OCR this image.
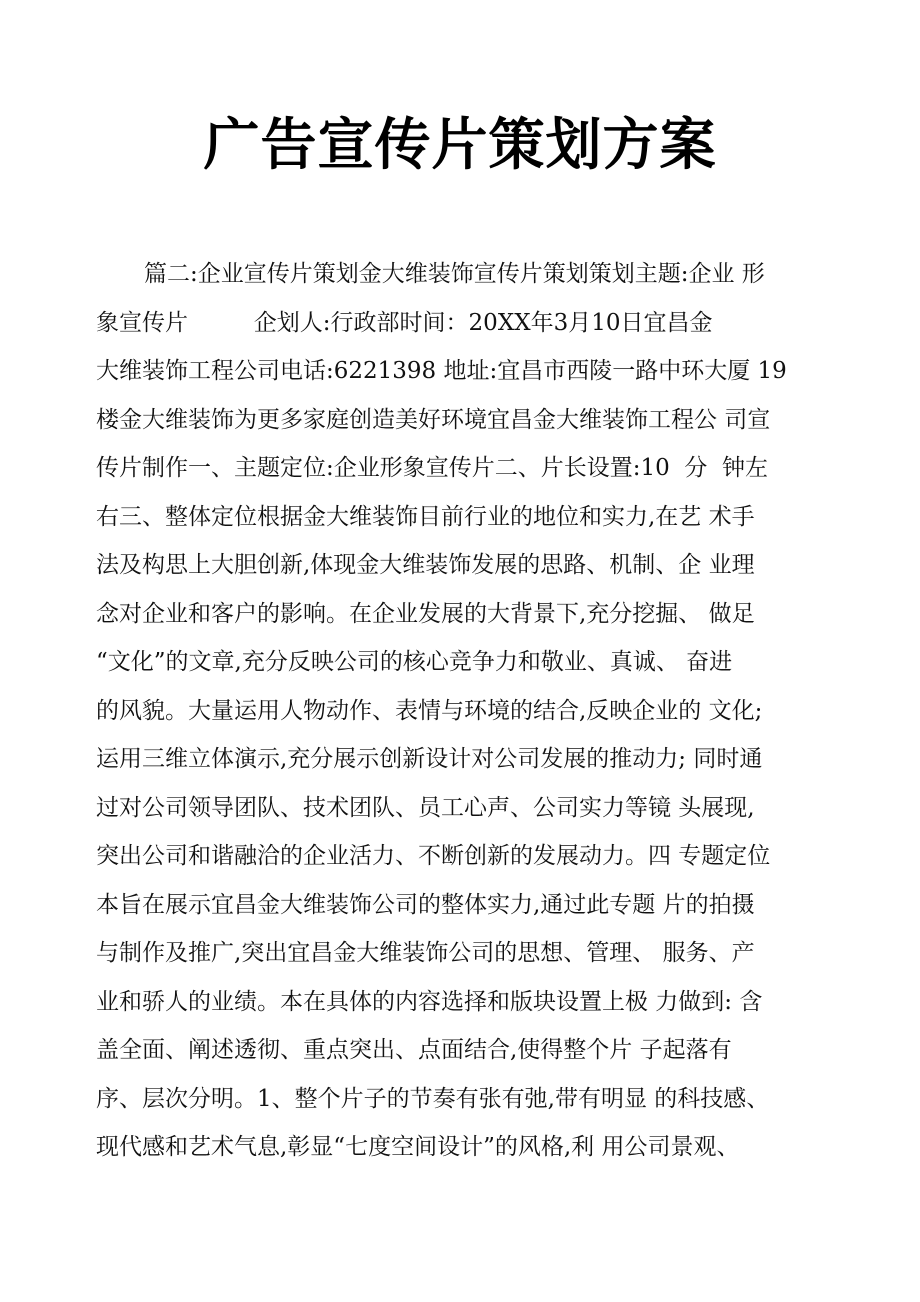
广告宣传片策划方案
篇二:企业宣传片策划金大维装饰宣传片策划策划主题:企业 形
象宣传片         企划人:行政部时间：20XX年3月10日宜昌金
大维装饰工程公司电话:6221398 地址:宜昌市西陵一路中环大厦 19
楼金大维装饰为更多家庭创造美好环境宜昌金大维装饰工程公 司宣
传片制作一、主题定位:企业形象宣传片二、片长设置:10  分  钟左
右三、整体定位根据金大维装饰目前行业的地位和实力,在艺 术手
法及构思上大胆创新,体现金大维装饰发展的思路、机制、企 业理
念对企业和客户的影响。在企业发展的大背景下,充分挖掘、 做足
“文化”的文章,充分反映公司的核心竞争力和敬业、真诚、 奋进
的风貌。大量运用人物动作、表情与环境的结合,反映企业的 文化;
运用三维立体演示,充分展示创新设计对公司发展的推动力; 同时通
过对公司领导团队、技术团队、员工心声、公司实力等镜 头展现,
突出公司和谐融洽的企业活力、不断创新的发展动力。四 专题定位
本旨在展示宜昌金大维装饰公司的整体实力,通过此专题 片的拍摄
与制作及推广,突出宜昌金大维装饰公司的思想、管理、 服务、产
业和骄人的业绩。本在具体的内容选择和版块设置上极 力做到: 含
盖全面、阐述透彻、重点突出、点面结合,使得整个片 子起落有
序、层次分明。1、整个片子的节奏有张有弛,带有明显 的科技感、
现代感和艺术气息,彰显“七度空间设计”的风格,利 用公司景观、
